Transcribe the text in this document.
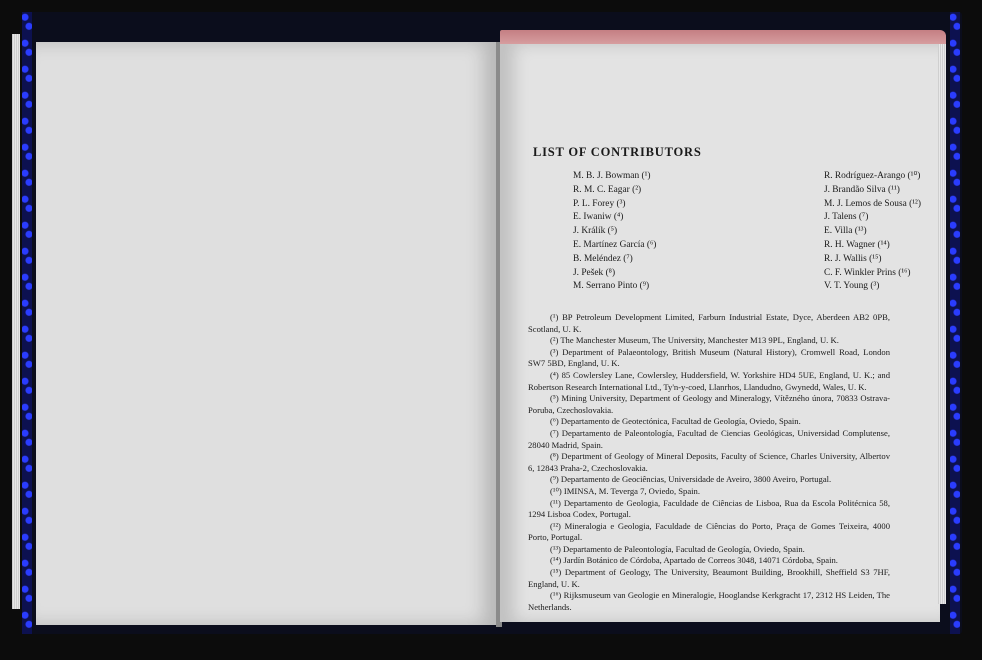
LIST OF CONTRIBUTORS
M. B. J. Bowman (¹)
R. M. C. Eagar (²)
P. L. Forey (³)
E. Iwaniw (⁴)
J. Králík (⁵)
E. Martínez García (⁶)
B. Meléndez (⁷)
J. Pešek (⁸)
M. Serrano Pinto (⁹)
R. Rodríguez-Arango (¹⁰)
J. Brandão Silva (¹¹)
M. J. Lemos de Sousa (¹²)
J. Talens (⁷)
E. Villa (¹³)
R. H. Wagner (¹⁴)
R. J. Wallis (¹⁵)
C. F. Winkler Prins (¹⁶)
V. T. Young (³)

(¹) BP Petroleum Development Limited, Farburn Industrial Estate, Dyce, Aberdeen AB2 0PB, Scotland, U. K.

(²) The Manchester Museum, The University, Manchester M13 9PL, England, U. K.

(³) Department of Palaeontology, British Museum (Natural History), Cromwell Road, London SW7 5BD, England, U. K.

(⁴) 85 Cowlersley Lane, Cowlersley, Huddersfield, W. Yorkshire HD4 5UE, England, U. K.; and Robertson Research International Ltd., Ty'n-y-coed, Llanrhos, Llandudno, Gwynedd, Wales, U. K.

(⁵) Mining University, Department of Geology and Mineralogy, Vítězného února, 70833 Ostrava-Poruba, Czechoslovakia.

(⁶) Departamento de Geotectónica, Facultad de Geología, Oviedo, Spain.

(⁷) Departamento de Paleontología, Facultad de Ciencias Geológicas, Universidad Complutense, 28040 Madrid, Spain.

(⁸) Department of Geology of Mineral Deposits, Faculty of Science, Charles University, Albertov 6, 12843 Praha-2, Czechoslovakia.

(⁹) Departamento de Geociências, Universidade de Aveiro, 3800 Aveiro, Portugal.

(¹⁰) IMINSA, M. Teverga 7, Oviedo, Spain.

(¹¹) Departamento de Geologia, Faculdade de Ciências de Lisboa, Rua da Escola Politécnica 58, 1294 Lisboa Codex, Portugal.

(¹²) Mineralogia e Geologia, Faculdade de Ciências do Porto, Praça de Gomes Teixeira, 4000 Porto, Portugal.

(¹³) Departamento de Paleontología, Facultad de Geología, Oviedo, Spain.

(¹⁴) Jardín Botánico de Córdoba, Apartado de Correos 3048, 14071 Córdoba, Spain.

(¹⁵) Department of Geology, The University, Beaumont Building, Brookhill, Sheffield S3 7HF, England, U. K.

(¹⁶) Rijksmuseum van Geologie en Mineralogie, Hooglandse Kerkgracht 17, 2312 HS Leiden, The Netherlands.
